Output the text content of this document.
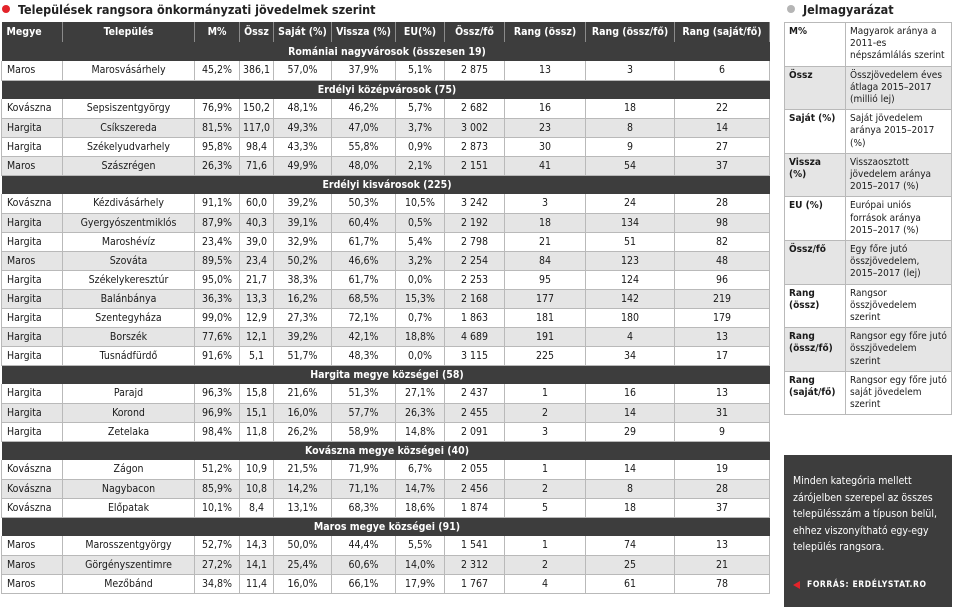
Települések rangsora önkormányzati jövedelmek szerint	Jelmagyarázat
Megye	Település	M%	Össz	Saját (%)	Vissza (%)	EU(%)	Össz/fő	Rang (össz)	Rang (össz/fő)	Rang (saját/fő)
Romániai nagyvárosok (összesen 19)										
Maros	Marosvásárhely	45,2%	386,1	57,0%	37,9%	5,1%	2 875	13	3	6
Erdélyi középvárosok (75)										
Kovászna	Sepsiszentgyörgy	76,9%	150,2	48,1%	46,2%	5,7%	2 682	16	18	22
Hargita	Csíkszereda	81,5%	117,0	49,3%	47,0%	3,7%	3 002	23	8	14
Hargita	Székelyudvarhely	95,8%	98,4	43,3%	55,8%	0,9%	2 873	30	9	27
Maros	Szászrégen	26,3%	71,6	49,9%	48,0%	2,1%	2 151	41	54	37
Erdélyi kisvárosok (225)										
Kovászna	Kézdivásárhely	91,1%	60,0	39,2%	50,3%	10,5%	3 242	3	24	28
Hargita	Gyergyószentmiklós	87,9%	40,3	39,1%	60,4%	0,5%	2 192	18	134	98
Hargita	Maroshévíz	23,4%	39,0	32,9%	61,7%	5,4%	2 798	21	51	82
Maros	Szováta	89,5%	23,4	50,2%	46,6%	3,2%	2 254	84	123	48
Hargita	Székelykeresztúr	95,0%	21,7	38,3%	61,7%	0,0%	2 253	95	124	96
Hargita	Balánbánya	36,3%	13,3	16,2%	68,5%	15,3%	2 168	177	142	219
Hargita	Szentegyháza	99,0%	12,9	27,3%	72,1%	0,7%	1 863	181	180	179
Hargita	Borszék	77,6%	12,1	39,2%	42,1%	18,8%	4 689	191	4	13
Hargita	Tusnádfürdő	91,6%	5,1	51,7%	48,3%	0,0%	3 115	225	34	17
Hargita megye községei (58)										
Hargita	Parajd	96,3%	15,8	21,6%	51,3%	27,1%	2 437	1	16	13
Hargita	Korond	96,9%	15,1	16,0%	57,7%	26,3%	2 455	2	14	31
Hargita	Zetelaka	98,4%	11,8	26,2%	58,9%	14,8%	2 091	3	29	9
Kovászna megye községei (40)										
Kovászna	Zágon	51,2%	10,9	21,5%	71,9%	6,7%	2 055	1	14	19
Kovászna	Nagybacon	85,9%	10,8	14,2%	71,1%	14,7%	2 456	2	8	28
Kovászna	Előpatak	10,1%	8,4	13,1%	68,3%	18,6%	1 874	5	18	37
Maros megye községei (91)										
Maros	Marosszentgyörgy	52,7%	14,3	50,0%	44,4%	5,5%	1 541	1	74	13
Maros	Görgényszentimre	27,2%	14,1	25,4%	60,6%	14,0%	2 312	2	25	21
Maros	Mezőbánd	34,8%	11,4	16,0%	66,1%	17,9%	1 767	4	61	78
M%	Magyarok aránya a 2011-es népszámlálás szerint
Össz	Összjövedelem éves átlaga 2015–2017 (millió lej)
Saját (%)	Saját jövedelem aránya 2015–2017 (%)
Vissza (%)	Visszaosztott jövedelem aránya 2015–2017 (%)
EU (%)	Európai uniós források aránya 2015–2017 (%)
Össz/fő	Egy főre jutó összjövedelem, 2015–2017 (lej)
Rang (össz)	Rangsor összjövedelem szerint
Rang (össz/fő)	Rangsor egy főre jutó összjövedelem szerint
Rang (saját/fő)	Rangsor egy főre jutó saját jövedelem szerint
Minden kategória mellett zárójelben szerepel az összes településszám a típuson belül, ehhez viszonyítható egy-egy település rangsora.
FORRÁS: ERDÉLYSTAT.RO
